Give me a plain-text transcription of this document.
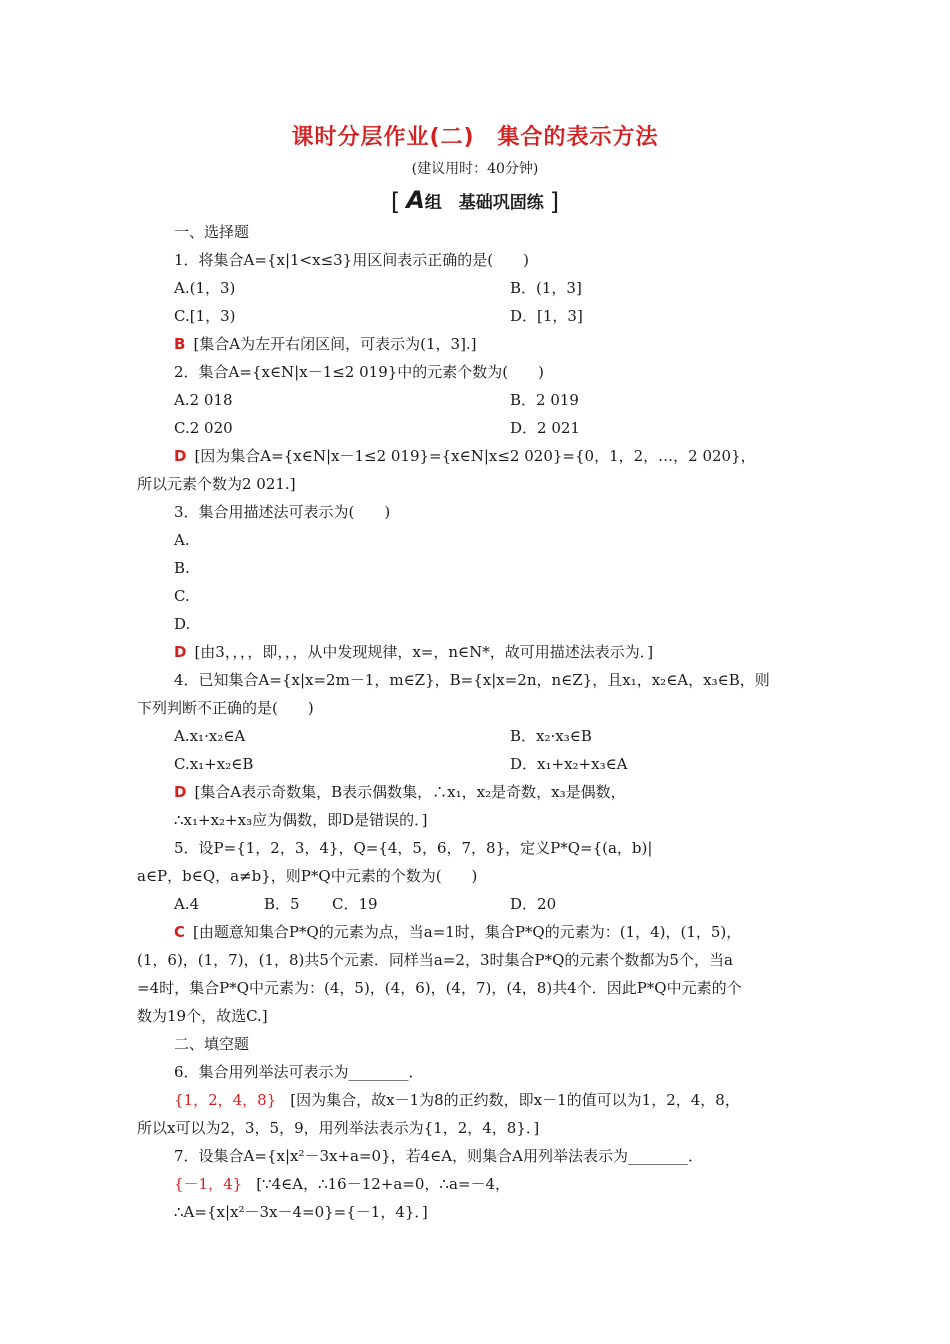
课时分层作业(二)　集合的表示方法
(建议用时：40分钟)
[ A组　基础巩固练 ]
一、选择题
1．将集合A={x|1<x≤3}用区间表示正确的是(　　)
A.(1，3)	B．(1，3]
C.[1，3)	D．[1，3]
B [集合A为左开右闭区间，可表示为(1，3].]
2．集合A={x∈N|x－1≤2 019}中的元素个数为(　　)
A.2 018	B．2 019
C.2 020	D．2 021
D [因为集合A={x∈N|x－1≤2 019}={x∈N|x≤2 020}={0，1，2，…，2 020}，
所以元素个数为2 021.]
3．集合用描述法可表示为(　　)
A.
B.
C.
D.
D [由3，，，，即，，，从中发现规律，x=，n∈N*，故可用描述法表示为．]
4．已知集合A={x|x=2m－1，m∈Z}，B={x|x=2n，n∈Z}，且x₁，x₂∈A，x₃∈B，则
下列判断不正确的是(　　)
A.x₁·x₂∈A	B．x₂·x₃∈B
C.x₁+x₂∈B	D．x₁+x₂+x₃∈A
D [集合A表示奇数集，B表示偶数集，∴x₁，x₂是奇数，x₃是偶数，
∴x₁+x₂+x₃应为偶数，即D是错误的．]
5．设P={1，2，3，4}，Q={4，5，6，7，8}，定义P*Q={(a，b)|
a∈P，b∈Q，a≠b}，则P*Q中元素的个数为(　　)
A.4	B．5 C．19	D．20
C [由题意知集合P*Q的元素为点，当a=1时，集合P*Q的元素为：(1，4)，(1，5)，
(1，6)，(1，7)，(1，8)共5个元素．同样当a=2，3时集合P*Q的元素个数都为5个，当a
=4时，集合P*Q中元素为：(4，5)，(4，6)，(4，7)，(4，8)共4个．因此P*Q中元素的个
数为19个，故选C.]
二、填空题
6．集合用列举法可表示为________．
{1，2，4，8} [因为集合，故x－1为8的正约数，即x－1的值可以为1，2，4，8，
所以x可以为2，3，5，9，用列举法表示为{1，2，4，8}．]
7．设集合A={x|x²－3x+a=0}，若4∈A，则集合A用列举法表示为________．
{－1，4} [∵4∈A，∴16－12+a=0，∴a=－4，
∴A={x|x²－3x－4=0}={－1，4}．]
